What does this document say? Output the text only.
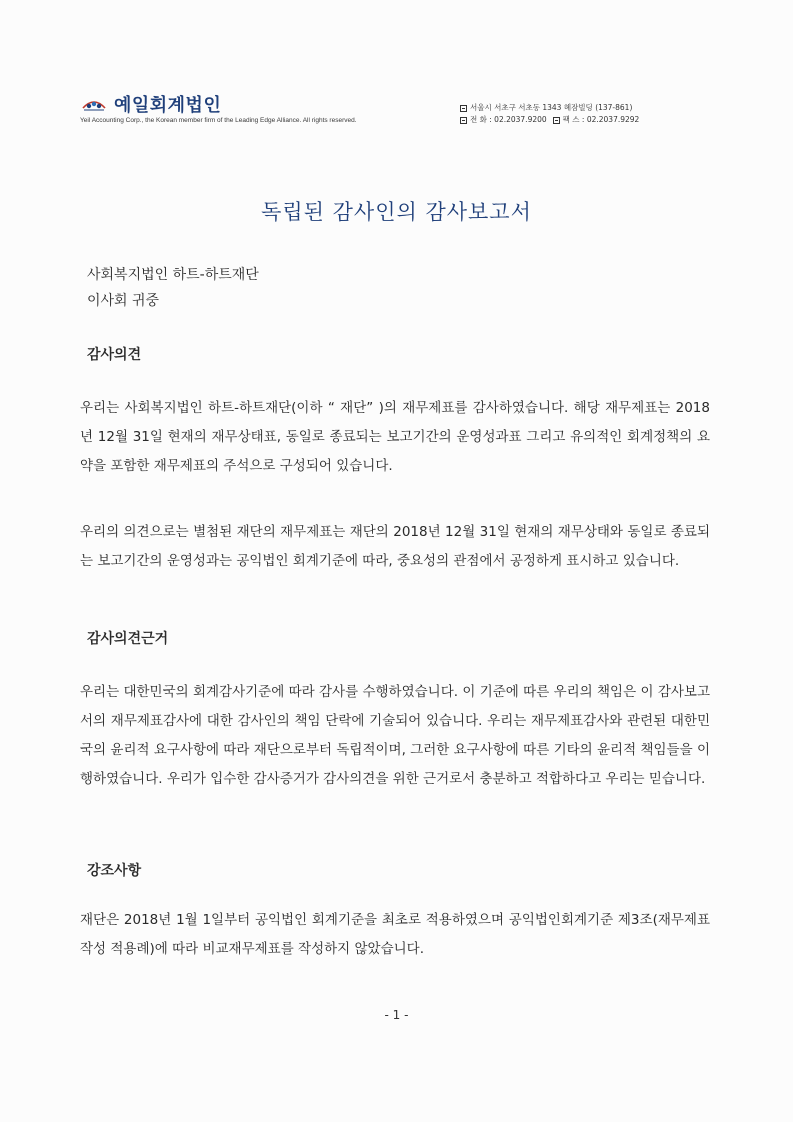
예일회계법인
Yeil Accounting Corp., the Korean member firm of the Leading Edge Alliance. All rights reserved.
서울시 서초구 서초동 1343 혜잠빌딩 (137-861)
전 화 : 02.2037.9200 팩 스 : 02.2037.9292
독립된 감사인의 감사보고서
사회복지법인 하트-하트재단
이사회 귀중
감사의견
우리는 사회복지법인 하트-하트재단(이하 “ 재단” )의 재무제표를 감사하였습니다. 해당 재무제표는 2018년 12월 31일 현재의 재무상태표, 동일로 종료되는 보고기간의 운영성과표 그리고 유의적인 회계정책의 요약을 포함한 재무제표의 주석으로 구성되어 있습니다.
우리의 의견으로는 별첨된 재단의 재무제표는 재단의 2018년 12월 31일 현재의 재무상태와 동일로 종료되는 보고기간의 운영성과는 공익법인 회계기준에 따라, 중요성의 관점에서 공정하게 표시하고 있습니다.
감사의견근거
우리는 대한민국의 회계감사기준에 따라 감사를 수행하였습니다. 이 기준에 따른 우리의 책임은 이 감사보고서의 재무제표감사에 대한 감사인의 책임 단락에 기술되어 있습니다. 우리는 재무제표감사와 관련된 대한민국의 윤리적 요구사항에 따라 재단으로부터 독립적이며, 그러한 요구사항에 따른 기타의 윤리적 책임들을 이행하였습니다. 우리가 입수한 감사증거가 감사의견을 위한 근거로서 충분하고 적합하다고 우리는 믿습니다.
강조사항
재단은 2018년 1월 1일부터 공익법인 회계기준을 최초로 적용하였으며 공익법인회계기준 제3조(재무제표 작성 적용례)에 따라 비교재무제표를 작성하지 않았습니다.
- 1 -
